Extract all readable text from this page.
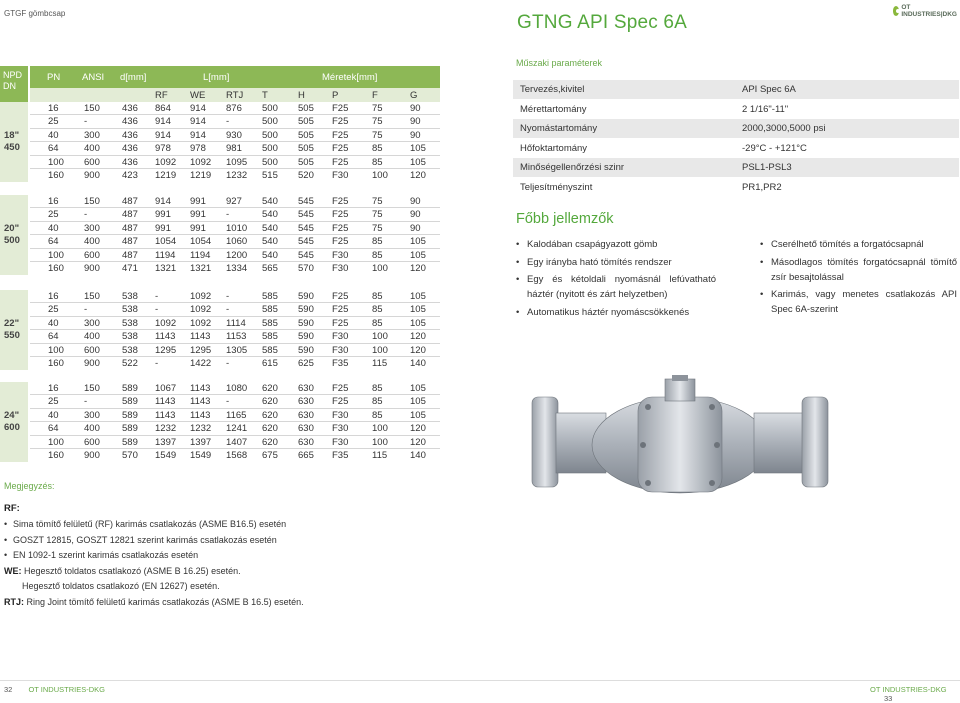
GTGF gömbcsap	GTNG API Spec 6A
OT
INDUSTRIES|DKG
NPD
DN
PN ANSI d[mm]	L[mm]	Méretek[mm]
RF WE RTJ T	H	P	F	G
18"
450
16	150 436 864 914 876 500 505 F25 75	90
25	-	436 914 914 -	500 505 F25 75	90
40	300 436 914 914 930 500 505 F25 75	90
64	400 436 978 978 981 500 505 F25 85	105
100 600 436 1092 1092 1095 500 505 F25 85	105
160 900 423 1219 1219 1232 515 520 F30 100 120
20"
500
16	150 487 914 991 927 540 545 F25 75	90
25	-	487 991 991 -	540 545 F25 75	90
40	300 487 991 991 1010 540 545 F25 75	90
64	400 487 1054 1054 1060 540 545 F25 85	105
100 600 487 1194 1194 1200 540 545 F30 85	105
160 900 471 1321 1321 1334 565 570 F30 100 120
22"
550
16	150 538 -	1092 -	585 590 F25 85	105
25	-	538 -	1092 -	585 590 F25 85	105
40	300 538 1092 1092 1114 585 590 F25 85	105
64	400 538 1143 1143 1153 585 590 F30 100 120
100 600 538 1295 1295 1305 585 590 F30 100 120
160 900 522 -	1422 -	615 625 F35 115 140
24"
600
16	150 589 1067 1143 1080 620 630 F25 85	105
25	-	589 1143 1143 -	620 630 F25 85	105
40	300 589 1143 1143 1165 620 630 F30 85	105
64	400 589 1232 1232 1241 620 630 F30 100 120
100 600 589 1397 1397 1407 620 630 F30 100 120
160 900 570 1549 1549 1568 675 665 F35 115 140
Műszaki paraméterek
Tervezés,kivitel	API Spec 6A
Mérettartomány	2 1/16"-11"
Nyomástartomány	2000,3000,5000 psi
Hőfoktartomány	-29°C - +121°C
Minőségellenőrzési szinr	PSL1-PSL3
Teljesítményszint	PR1,PR2
Főbb jellemzők
• Kalodában csapágyazott gömb
• Egy irányba ható tömítés rendszer
• Egy és kétoldali nyomásnál lefúvatható háztér (nyitott és zárt helyzetben)
• Automatikus háztér nyomáscsökkenés
• Cserélhető tömítés a forgatócsapnál
• Másodlagos tömítés forgatócsapnál tömítő zsír besajtolással
• Karimás, vagy menetes csatlakozás API Spec 6A-szerint
Megjegyzés:
RF:
• Sima tömítő felületű (RF) karimás csatlakozás (ASME B16.5) esetén
• GOSZT 12815, GOSZT 12821 szerint karimás csatlakozás esetén
• EN 1092-1 szerint karimás csatlakozás esetén
WE: Hegesztő toldatos csatlakozó (ASME B 16.25) esetén.
Hegesztő toldatos csatlakozó (EN 12627) esetén.
RTJ: Ring Joint tömítő felületű karimás csatlakozás (ASME B 16.5) esetén.
32 OT INDUSTRIES-DKG	OT INDUSTRIES-DKG 33
